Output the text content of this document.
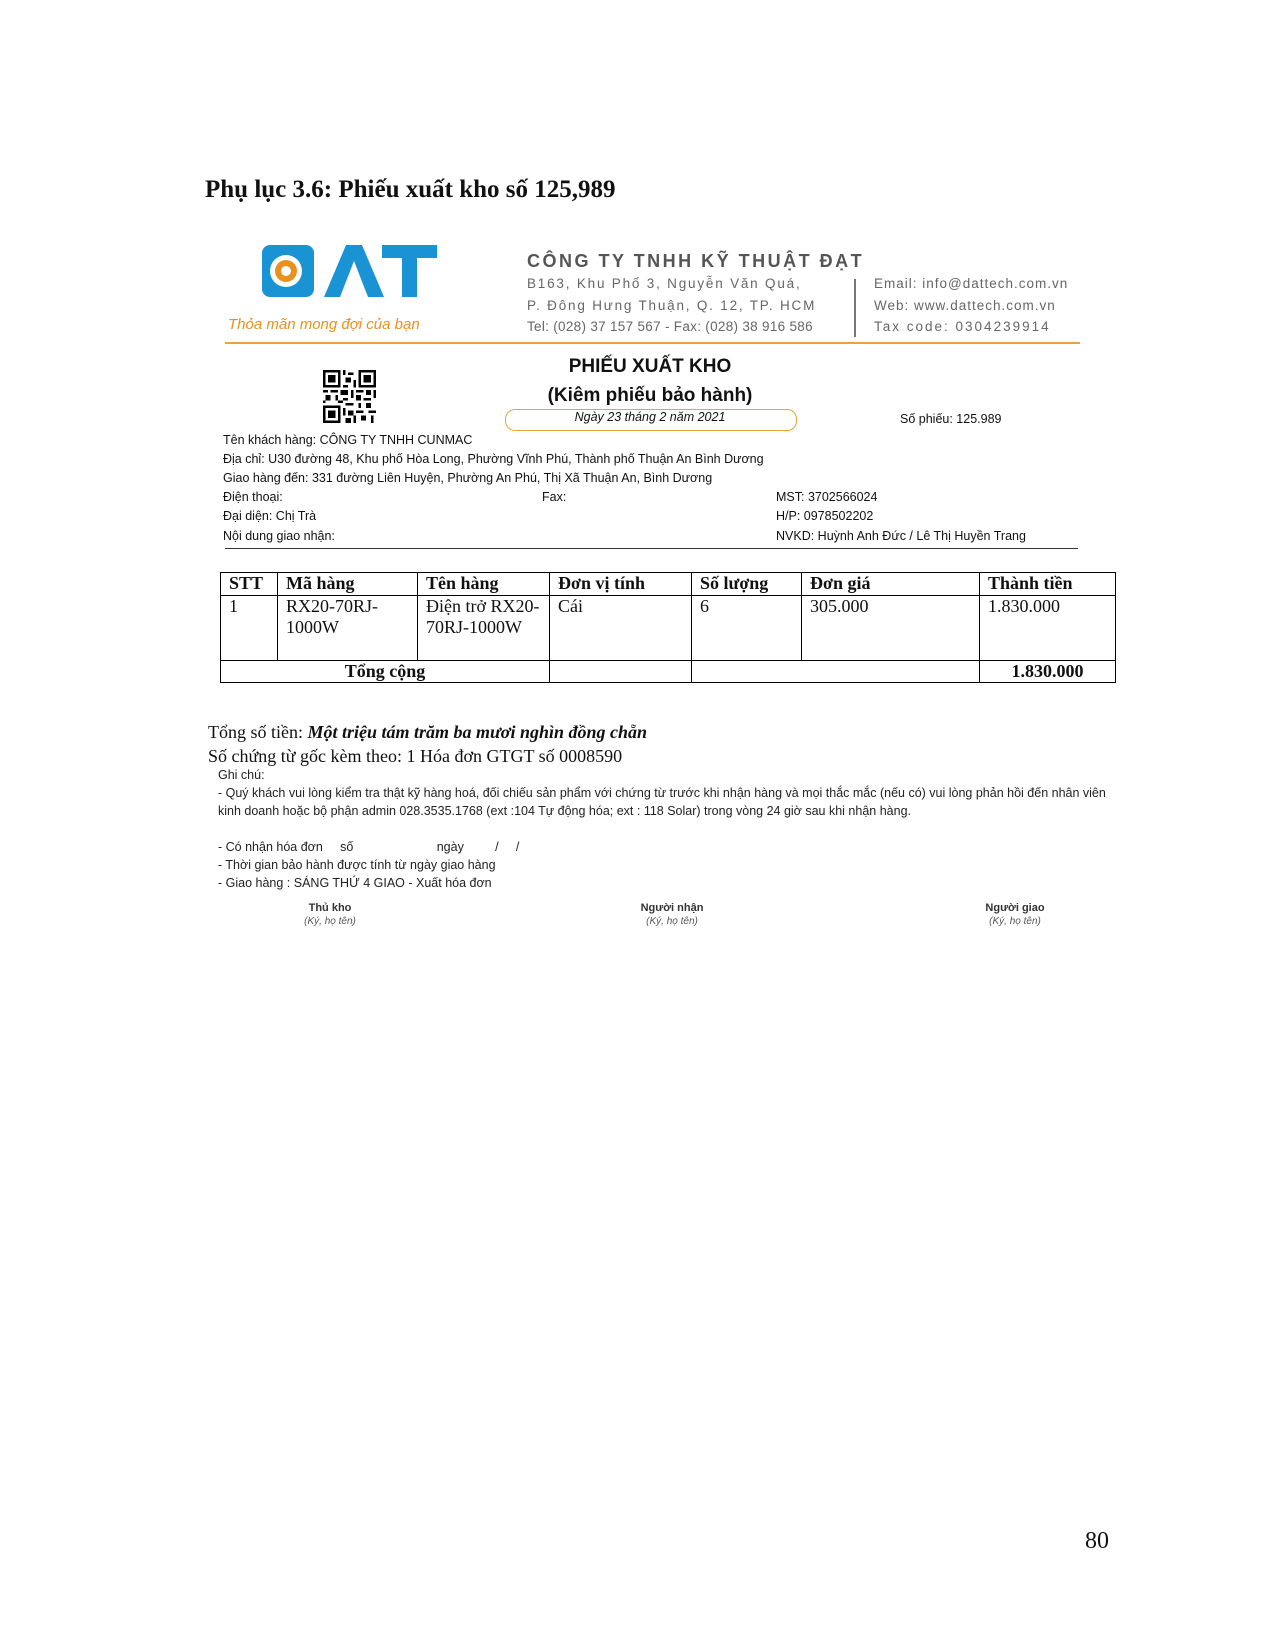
Phụ lục 3.6: Phiếu xuất kho số 125,989
Thỏa mãn mong đợi của bạn
CÔNG TY TNHH KỸ THUẬT ĐẠT
B163, Khu Phố 3, Nguyễn Văn Quá,
P. Đông Hưng Thuận, Q. 12, TP. HCM
Tel: (028) 37 157 567 - Fax: (028) 38 916 586
Email: info@dattech.com.vn
Web: www.dattech.com.vn
Tax code: 0304239914
PHIẾU XUẤT KHO
(Kiêm phiếu bảo hành)
Ngày 23 tháng 2 năm 2021	Số phiếu: 125.989
Tên khách hàng: CÔNG TY TNHH CUNMAC
Địa chỉ: U30 đường 48, Khu phố Hòa Long, Phường Vĩnh Phú, Thành phố Thuận An Bình Dương
Giao hàng đến: 331 đường Liên Huyện, Phường An Phú, Thị Xã Thuận An, Bình Dương
Điện thoại:	Fax:	MST: 3702566024
Đại diện: Chị Trà	H/P: 0978502202
Nội dung giao nhận:	NVKD: Huỳnh Anh Đức / Lê Thị Huyền Trang
STT	Mã hàng	Tên hàng	Đơn vị tính	Số lượng	Đơn giá	Thành tiền
1	RX20-70RJ-1000W	Điện trở RX20-70RJ-1000W	Cái	6	305.000	1.830.000
Tổng cộng						1.830.000
Tổng số tiền: Một triệu tám trăm ba mươi nghìn đồng chẵn
Số chứng từ gốc kèm theo: 1 Hóa đơn GTGT số 0008590
Ghi chú:
- Quý khách vui lòng kiểm tra thật kỹ hàng hoá, đối chiếu sản phẩm với chứng từ trước khi nhận hàng và mọi thắc mắc (nếu có) vui lòng phản hồi đến nhân viên kinh doanh hoặc bộ phận admin 028.3535.1768 (ext :104 Tự động hóa; ext : 118 Solar) trong vòng 24 giờ sau khi nhận hàng.
- Có nhận hóa đơn     số                        ngày         /     /
- Thời gian bảo hành được tính từ ngày giao hàng
- Giao hàng : SÁNG THỨ 4 GIAO - Xuất hóa đơn
Thủ kho
(Ký, họ tên)
Người nhận
(Ký, họ tên)
Người giao
(Ký, họ tên)
80
